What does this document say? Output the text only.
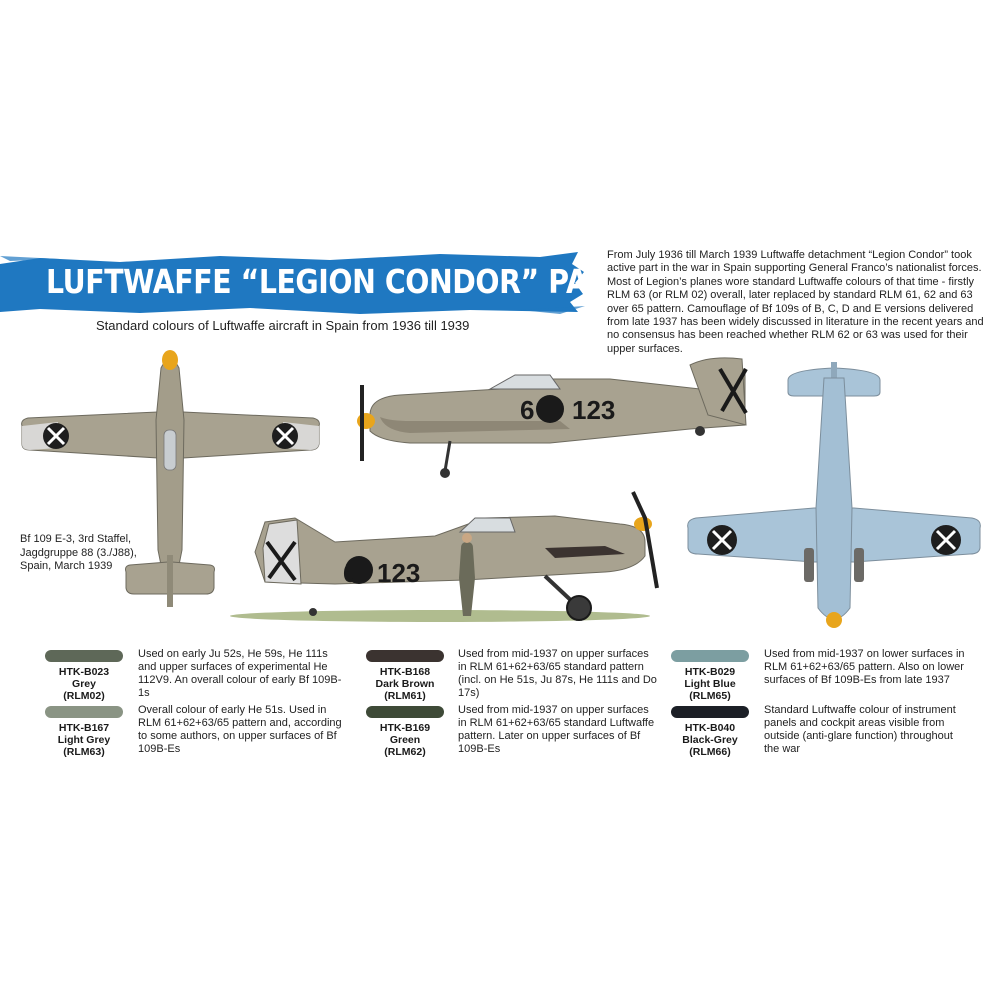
LUFTWAFFE “LEGION CONDOR” PAINT SET
Standard colours of Luftwaffe aircraft in Spain from 1936 till 1939
From July 1936 till March 1939 Luftwaffe detachment “Legion Condor” took active part in the war in Spain supporting General Franco’s nationalist forces. Most of Legion’s planes wore standard Luftwaffe colours of that time - firstly RLM 63 (or RLM 02) overall, later replaced by standard RLM 61, 62 and 63 over 65 pattern. Camouflage of Bf 109s of B, C, D and E versions delivered from late 1937 has been widely discussed in literature in the recent years and no consensus has been reached whether RLM 62 or 63 was used for their upper surfaces.
Bf 109 E-3, 3rd Staffel, Jagdgruppe 88 (3./J88), Spain, March 1939
6 123
6 123
HTK-B023
Grey
(RLM02)
Used on early Ju 52s, He 59s, He 111s and upper surfaces of experimental He 112V9. An overall colour of early Bf 109B-1s
HTK-B167
Light Grey
(RLM63)
Overall colour of early He 51s. Used in RLM 61+62+63/65 pattern and, according to some authors, on upper surfaces of Bf 109B-Es
HTK-B168
Dark Brown
(RLM61)
Used from mid-1937 on upper surfaces in RLM 61+62+63/65 standard pattern (incl. on He 51s, Ju 87s, He 111s and Do 17s)
HTK-B169
Green
(RLM62)
Used from mid-1937 on upper surfaces in RLM 61+62+63/65 standard Luftwaffe pattern. Later on upper surfaces of Bf 109B-Es
HTK-B029
Light Blue
(RLM65)
Used from mid-1937 on lower surfaces in RLM 61+62+63/65 pattern. Also on lower surfaces of Bf 109B-Es from late 1937
HTK-B040
Black-Grey
(RLM66)
Standard Luftwaffe colour of instrument panels and cockpit areas visible from outside (anti-glare function) throughout the war
